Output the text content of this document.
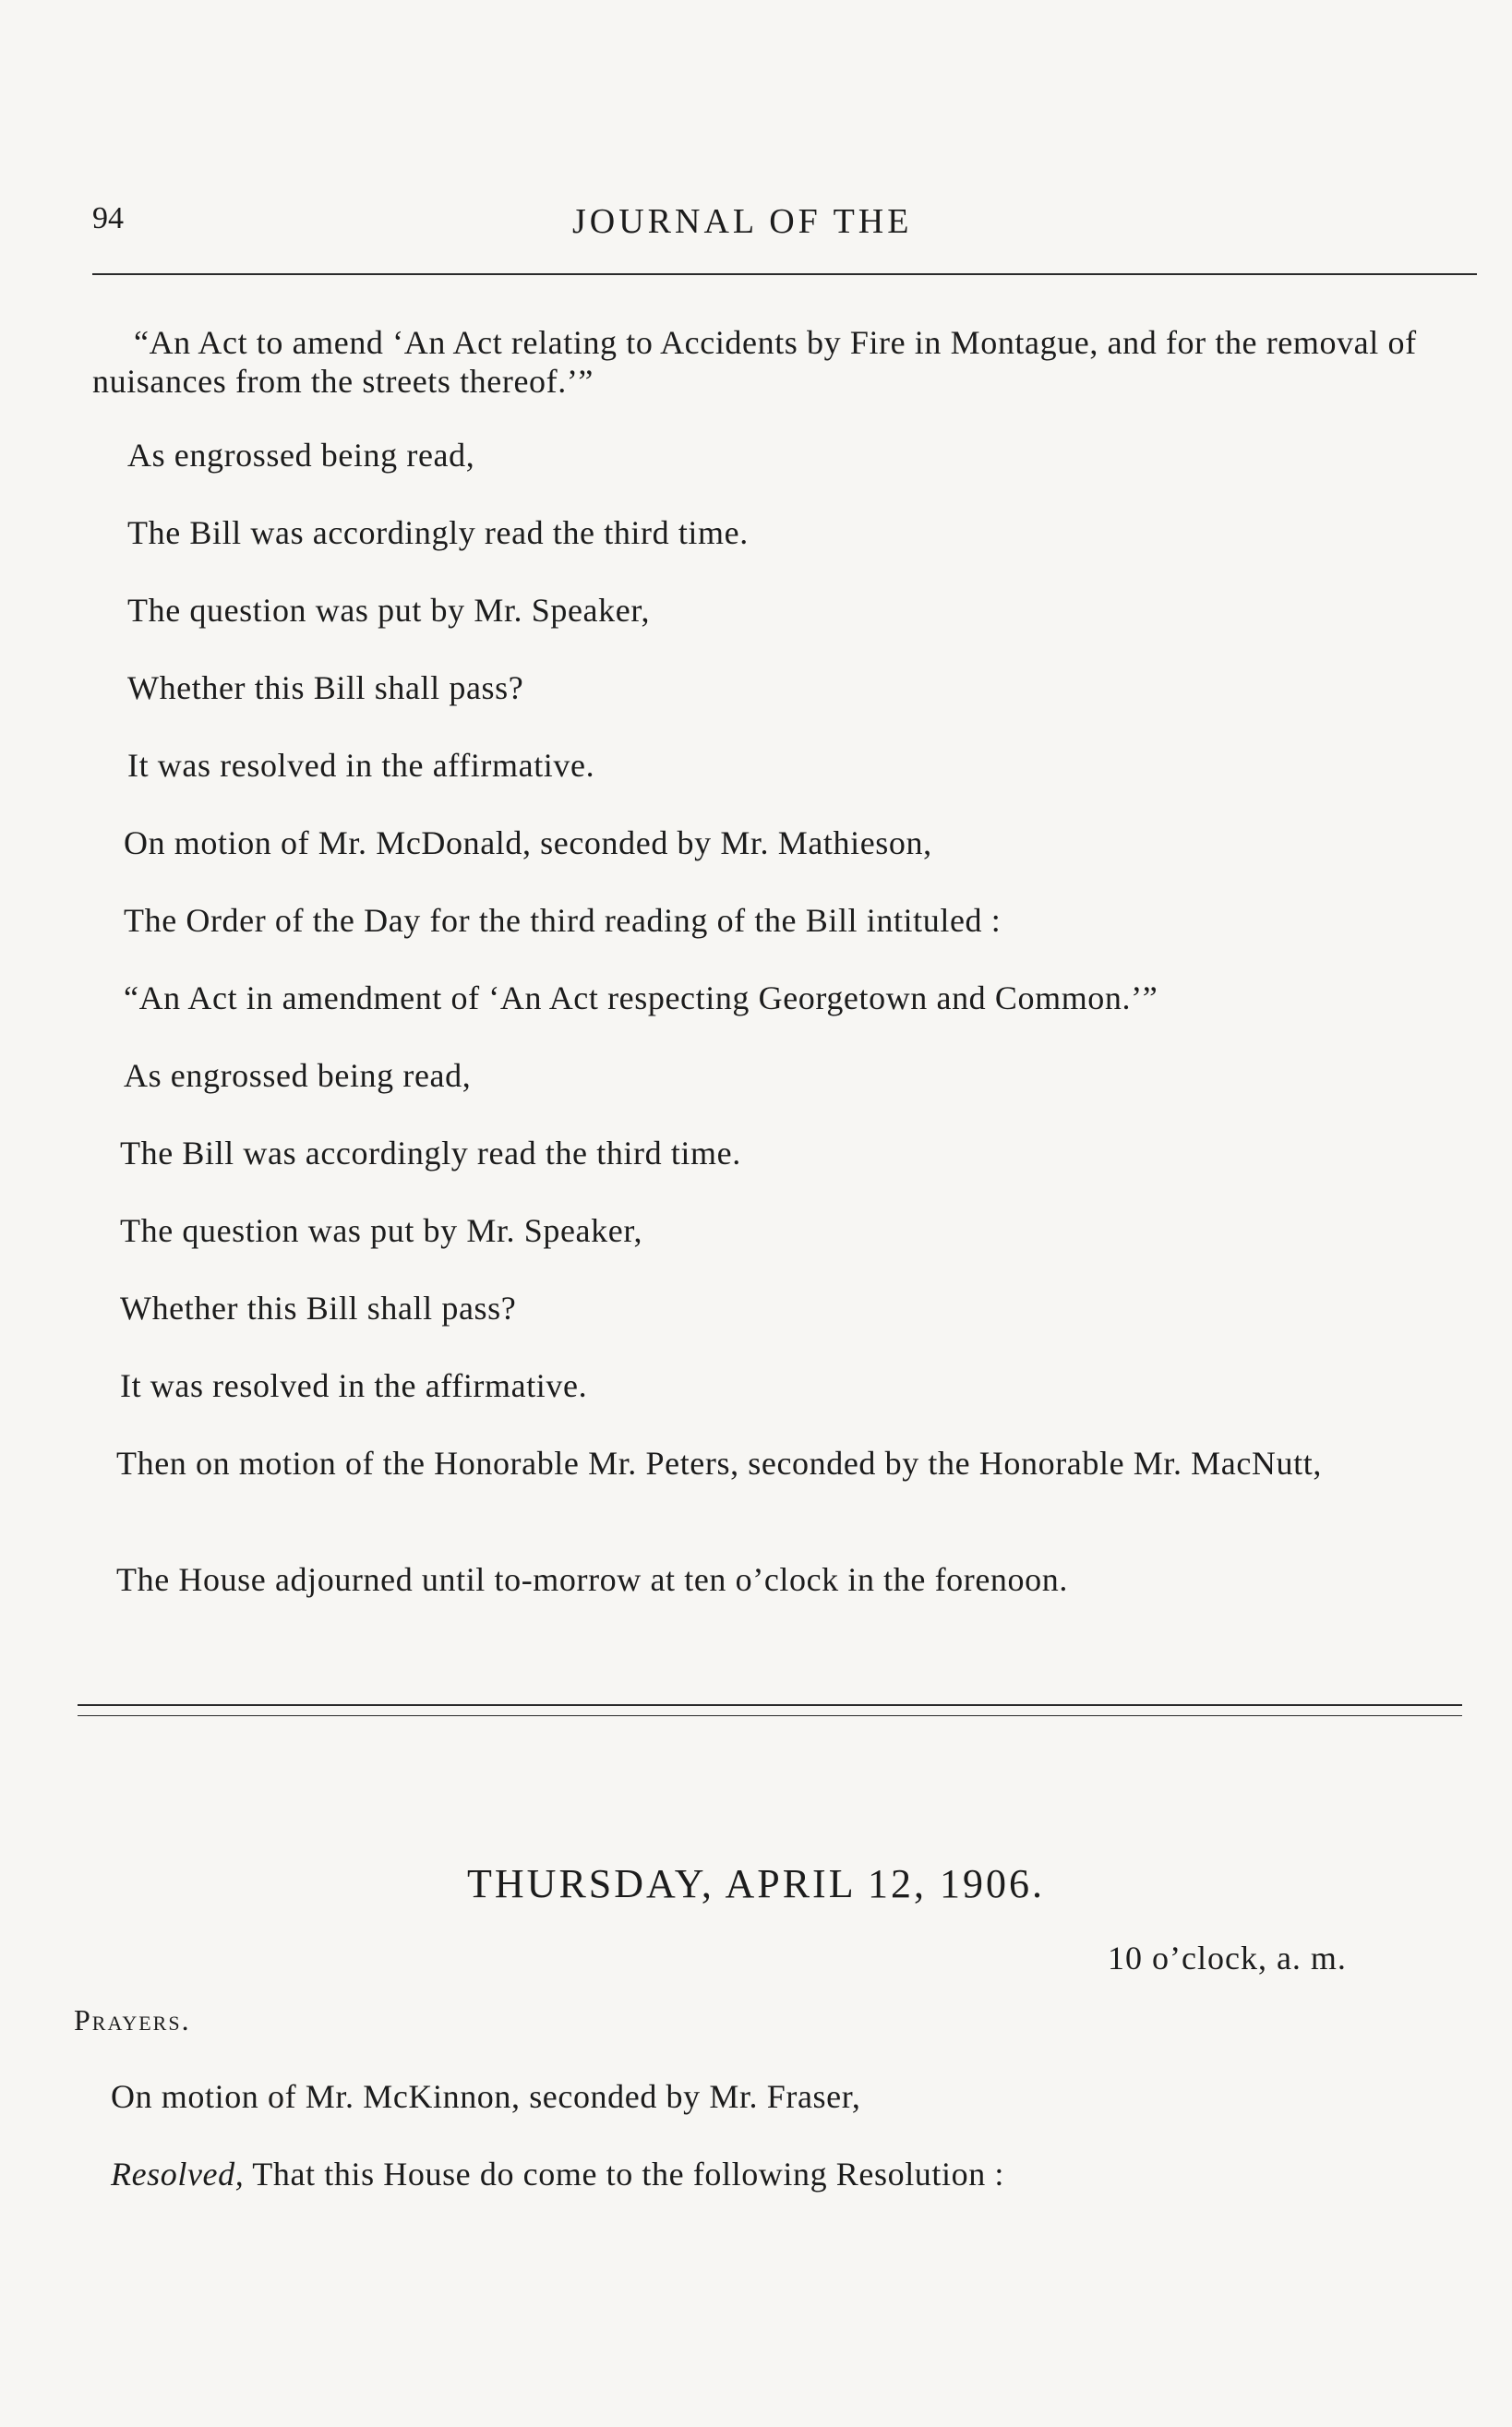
94	JOURNAL OF THE
“An Act to amend ‘An Act relating to Accidents by Fire in Montague, and for the removal of nuisances from the streets thereof.’”
As engrossed being read,
The Bill was accordingly read the third time.
The question was put by Mr. Speaker,
Whether this Bill shall pass?
It was resolved in the affirmative.
On motion of Mr. McDonald, seconded by Mr. Mathieson,
The Order of the Day for the third reading of the Bill intituled :
“An Act in amendment of ‘An Act respecting Georgetown and Common.’”
As engrossed being read,
The Bill was accordingly read the third time.
The question was put by Mr. Speaker,
Whether this Bill shall pass?
It was resolved in the affirmative.
Then on motion of the Honorable Mr. Peters, seconded by the Honorable Mr. MacNutt,
The House adjourned until to-morrow at ten o’clock in the forenoon.
THURSDAY, APRIL 12, 1906.
10 o’clock, a. m.
Prayers.
On motion of Mr. McKinnon, seconded by Mr. Fraser,
Resolved, That this House do come to the following Resolution :
